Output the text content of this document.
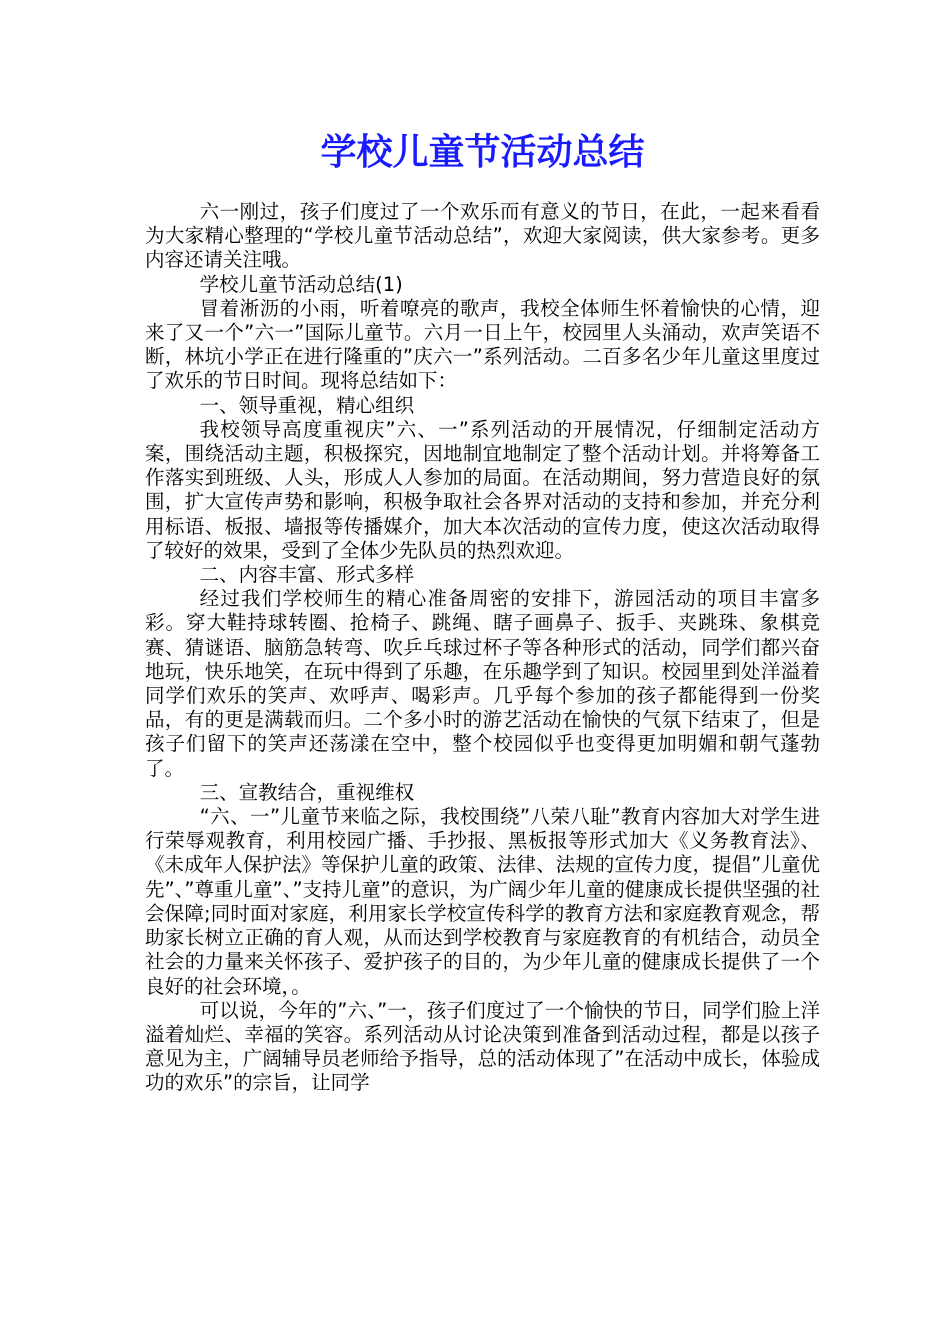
学校儿童节活动总结

六一刚过，孩子们度过了一个欢乐而有意义的节日，在此，一起来看看为大家精心整理的“学校儿童节活动总结”，欢迎大家阅读，供大家参考。更多内容还请关注哦。

学校儿童节活动总结(1)

冒着淅沥的小雨，听着嘹亮的歌声，我校全体师生怀着愉快的心情，迎来了又一个”六一”国际儿童节。六月一日上午，校园里人头涌动，欢声笑语不断，林坑小学正在进行隆重的”庆六一”系列活动。二百多名少年儿童这里度过了欢乐的节日时间。现将总结如下：

一、领导重视，精心组织

我校领导高度重视庆”六、一”系列活动的开展情况，仔细制定活动方案，围绕活动主题，积极探究，因地制宜地制定了整个活动计划。并将筹备工作落实到班级、人头，形成人人参加的局面。在活动期间，努力营造良好的氛围，扩大宣传声势和影响，积极争取社会各界对活动的支持和参加，并充分利用标语、板报、墙报等传播媒介，加大本次活动的宣传力度，使这次活动取得了较好的效果，受到了全体少先队员的热烈欢迎。

二、内容丰富、形式多样

经过我们学校师生的精心准备周密的安排下，游园活动的项目丰富多彩。穿大鞋持球转圈、抢椅子、跳绳、瞎子画鼻子、扳手、夹跳珠、象棋竞赛、猜谜语、脑筋急转弯、吹乒乓球过杯子等各种形式的活动，同学们都兴奋地玩，快乐地笑，在玩中得到了乐趣，在乐趣学到了知识。校园里到处洋溢着同学们欢乐的笑声、欢呼声、喝彩声。几乎每个参加的孩子都能得到一份奖品，有的更是满载而归。二个多小时的游艺活动在愉快的气氛下结束了，但是孩子们留下的笑声还荡漾在空中，整个校园似乎也变得更加明媚和朝气蓬勃了。

三、宣教结合，重视维权

“六、一”儿童节来临之际，我校围绕”八荣八耻”教育内容加大对学生进行荣辱观教育，利用校园广播、手抄报、黑板报等形式加大《义务教育法》、《未成年人保护法》等保护儿童的政策、法律、法规的宣传力度，提倡”儿童优先”、”尊重儿童”、”支持儿童”的意识，为广阔少年儿童的健康成长提供坚强的社会保障;同时面对家庭，利用家长学校宣传科学的教育方法和家庭教育观念，帮助家长树立正确的育人观，从而达到学校教育与家庭教育的有机结合，动员全社会的力量来关怀孩子、爱护孩子的目的，为少年儿童的健康成长提供了一个良好的社会环境，。

可以说，今年的”六、”一，孩子们度过了一个愉快的节日，同学们脸上洋溢着灿烂、幸福的笑容。系列活动从讨论决策到准备到活动过程，都是以孩子意见为主，广阔辅导员老师给予指导，总的活动体现了”在活动中成长，体验成功的欢乐”的宗旨，让同学
